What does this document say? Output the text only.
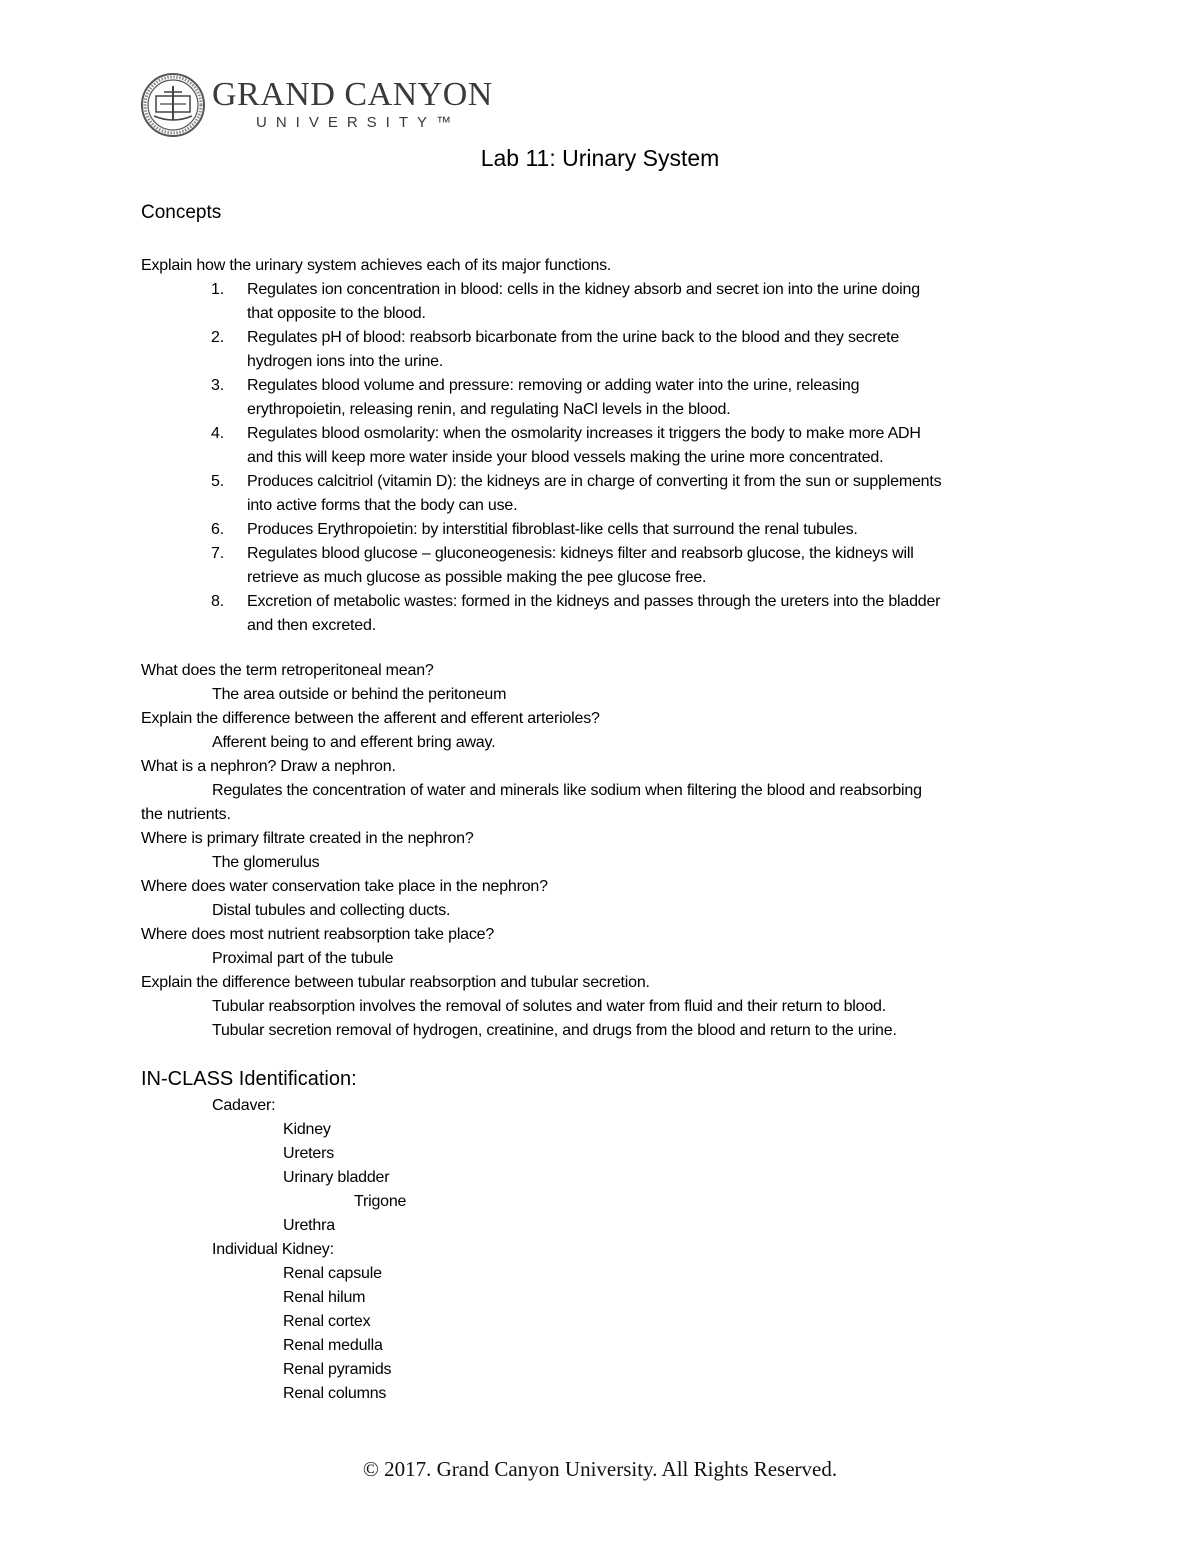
GRAND CANYON
UNIVERSITY™
Lab 11: Urinary System
Concepts
Explain how the urinary system achieves each of its major functions.
1. Regulates ion concentration in blood: cells in the kidney absorb and secret ion into the urine doing
that opposite to the blood.
2. Regulates pH of blood: reabsorb bicarbonate from the urine back to the blood and they secrete
hydrogen ions into the urine.
3. Regulates blood volume and pressure: removing or adding water into the urine, releasing
erythropoietin, releasing renin, and regulating NaCl levels in the blood.
4. Regulates blood osmolarity: when the osmolarity increases it triggers the body to make more ADH
and this will keep more water inside your blood vessels making the urine more concentrated.
5. Produces calcitriol (vitamin D): the kidneys are in charge of converting it from the sun or supplements
into active forms that the body can use.
6. Produces Erythropoietin: by interstitial fibroblast-like cells that surround the renal tubules.
7. Regulates blood glucose – gluconeogenesis: kidneys filter and reabsorb glucose, the kidneys will
retrieve as much glucose as possible making the pee glucose free.
8. Excretion of metabolic wastes: formed in the kidneys and passes through the ureters into the bladder
and then excreted.
What does the term retroperitoneal mean?
The area outside or behind the peritoneum
Explain the difference between the afferent and efferent arterioles?
Afferent being to and efferent bring away.
What is a nephron? Draw a nephron.
Regulates the concentration of water and minerals like sodium when filtering the blood and reabsorbing
the nutrients.
Where is primary filtrate created in the nephron?
The glomerulus
Where does water conservation take place in the nephron?
Distal tubules and collecting ducts.
Where does most nutrient reabsorption take place?
Proximal part of the tubule
Explain the difference between tubular reabsorption and tubular secretion.
Tubular reabsorption involves the removal of solutes and water from fluid and their return to blood.
Tubular secretion removal of hydrogen, creatinine, and drugs from the blood and return to the urine.
IN-CLASS Identification:
Cadaver:
Kidney
Ureters
Urinary bladder
Trigone
Urethra
Individual Kidney:
Renal capsule
Renal hilum
Renal cortex
Renal medulla
Renal pyramids
Renal columns
© 2017. Grand Canyon University. All Rights Reserved.
